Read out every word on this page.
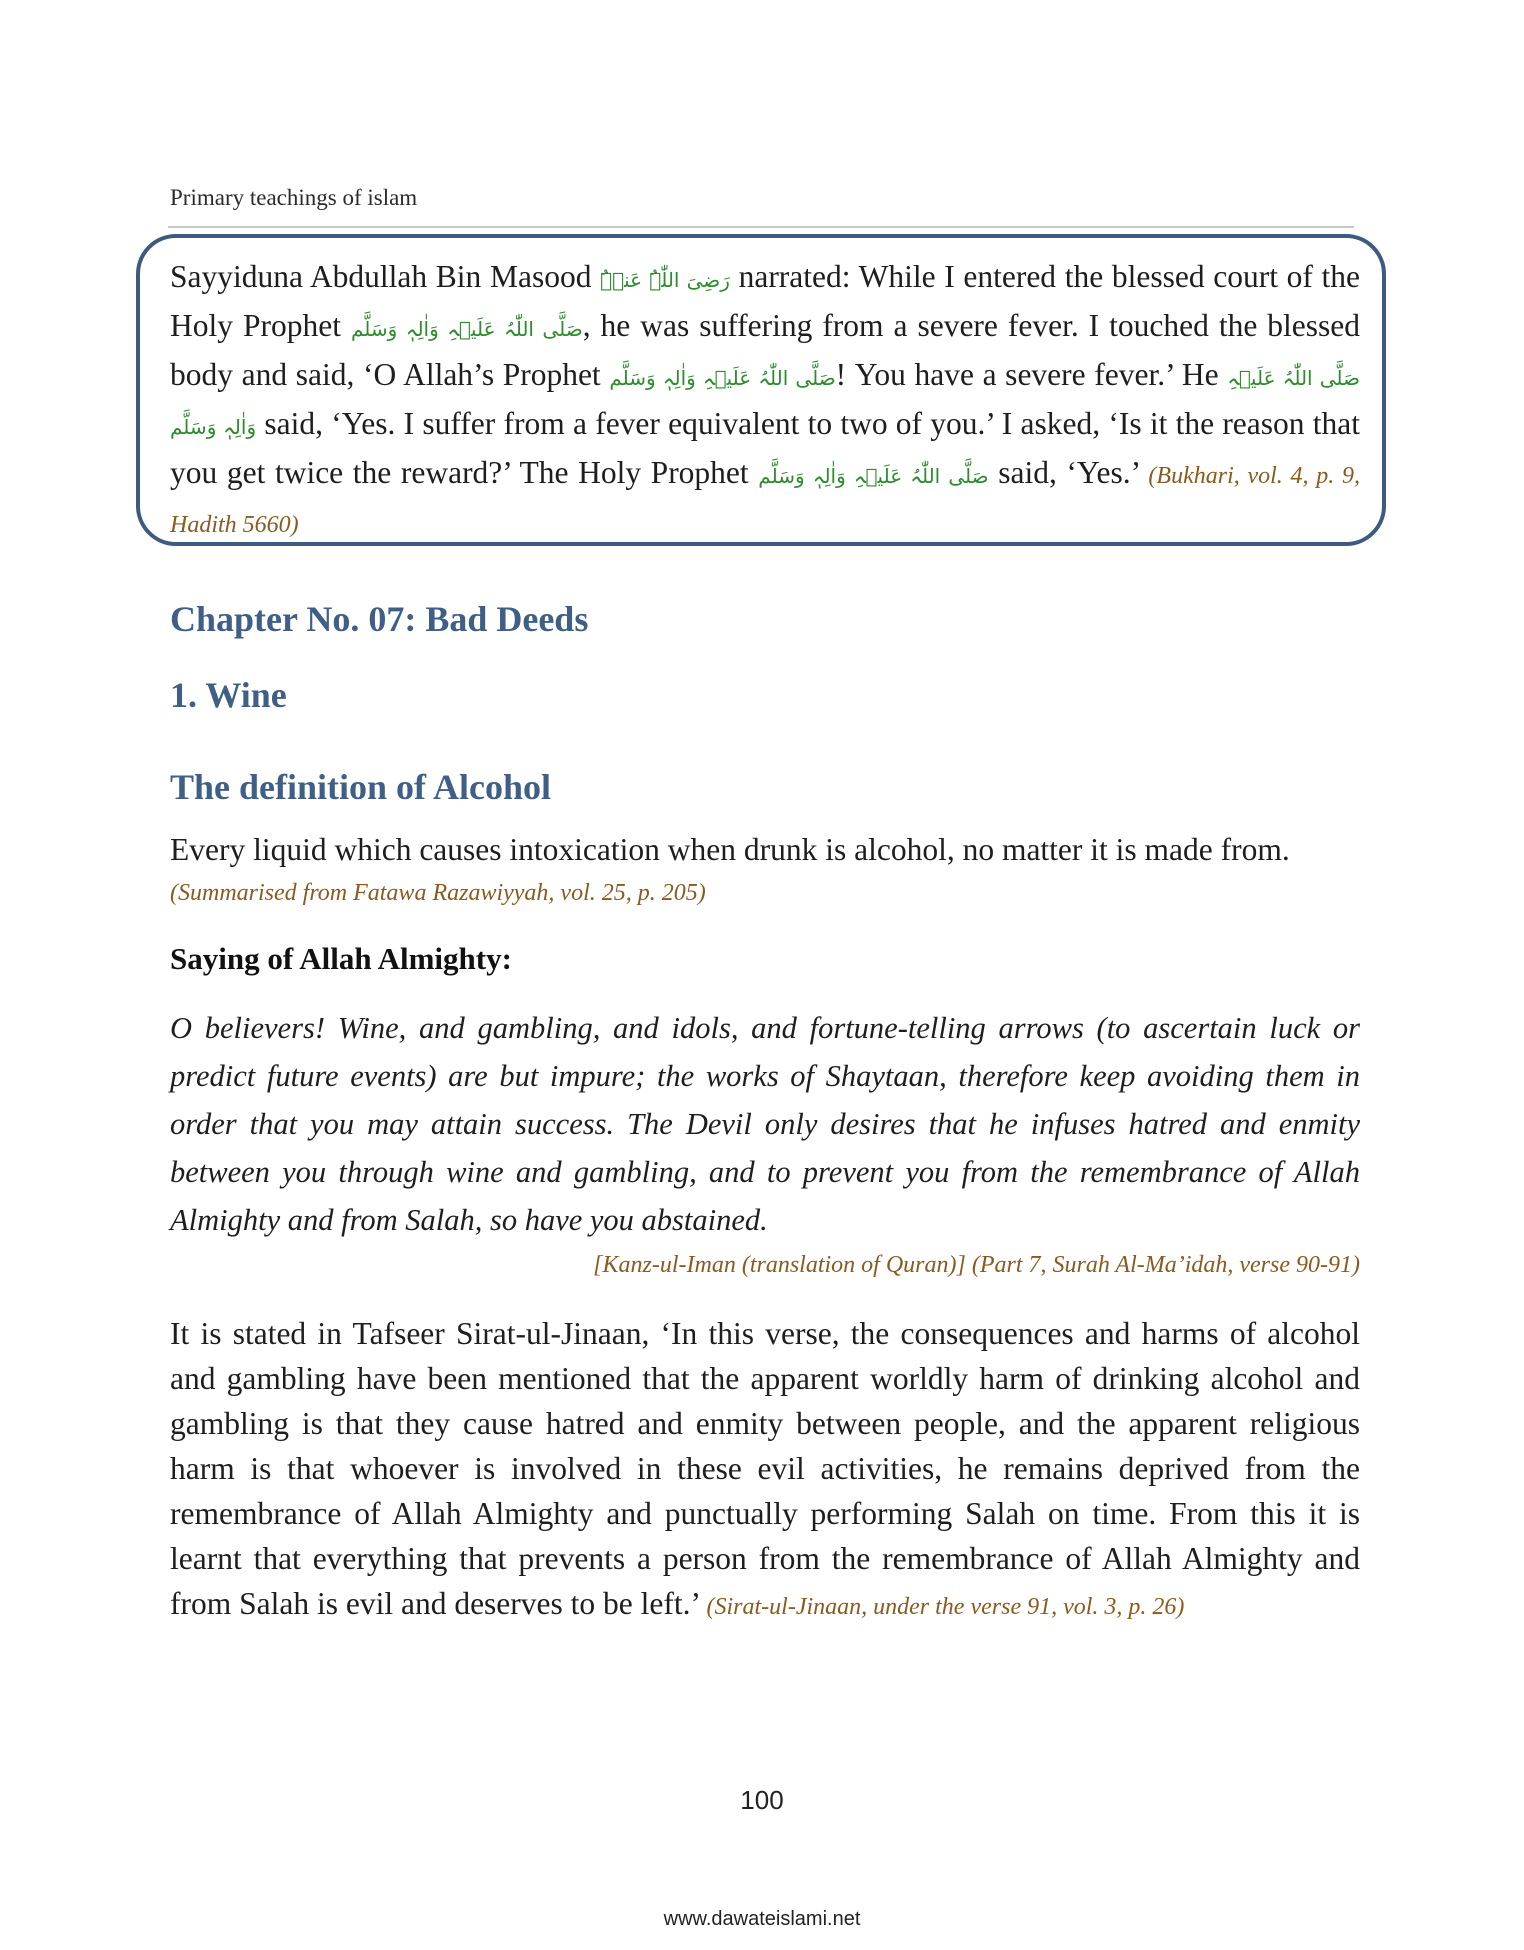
Primary teachings of islam

Sayyiduna Abdullah Bin Masood رَضِیَ اللّٰہُ عَنۡہُ narrated: While I entered the blessed court of the Holy Prophet صَلَّی اللّٰہُ عَلَیۡہِ وَاٰلِہٖ وَسَلَّم, he was suffering from a severe fever. I touched the blessed body and said, ‘O Allah’s Prophet صَلَّی اللّٰہُ عَلَیۡہِ وَاٰلِہٖ وَسَلَّم! You have a severe fever.’ He صَلَّی اللّٰہُ عَلَیۡہِ وَاٰلِہٖ وَسَلَّم said, ‘Yes. I suffer from a fever equivalent to two of you.’ I asked, ‘Is it the reason that you get twice the reward?’ The Holy Prophet صَلَّی اللّٰہُ عَلَیۡہِ وَاٰلِہٖ وَسَلَّم said, ‘Yes.’ (Bukhari, vol. 4, p. 9, Hadith 5660)

Chapter No. 07: Bad Deeds
1. Wine
The definition of Alcohol

Every liquid which causes intoxication when drunk is alcohol, no matter it is made from.

(Summarised from Fatawa Razawiyyah, vol. 25, p. 205)

Saying of Allah Almighty:

O believers! Wine, and gambling, and idols, and fortune-telling arrows (to ascertain luck or predict future events) are but impure; the works of Shaytaan, therefore keep avoiding them in order that you may attain success. The Devil only desires that he infuses hatred and enmity between you through wine and gambling, and to prevent you from the remembrance of Allah Almighty and from Salah, so have you abstained.

[Kanz-ul-Iman (translation of Quran)] (Part 7, Surah Al-Ma’idah, verse 90-91)

It is stated in Tafseer Sirat-ul-Jinaan, ‘In this verse, the consequences and harms of alcohol and gambling have been mentioned that the apparent worldly harm of drinking alcohol and gambling is that they cause hatred and enmity between people, and the apparent religious harm is that whoever is involved in these evil activities, he remains deprived from the remembrance of Allah Almighty and punctually performing Salah on time. From this it is learnt that everything that prevents a person from the remembrance of Allah Almighty and from Salah is evil and deserves to be left.’ (Sirat-ul-Jinaan, under the verse 91, vol. 3, p. 26)

100
www.dawateislami.net
